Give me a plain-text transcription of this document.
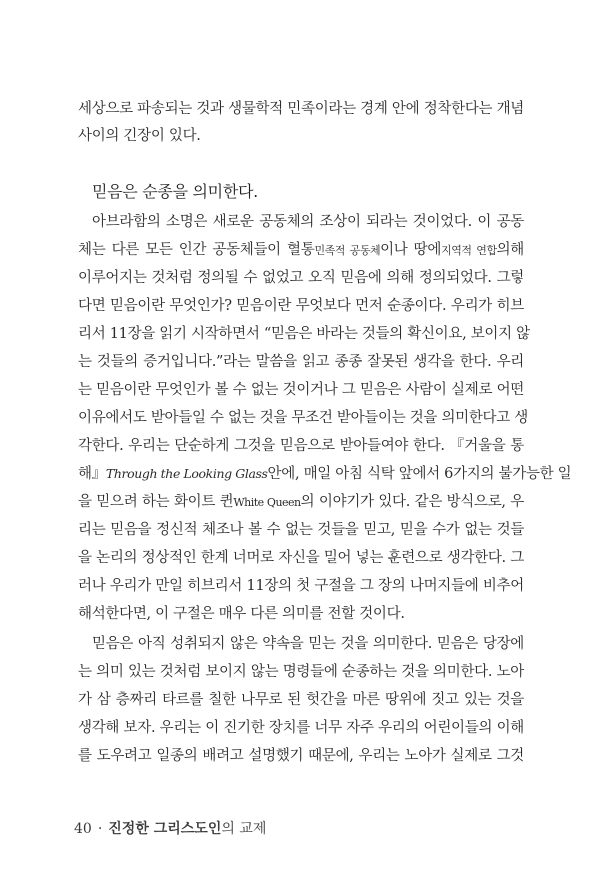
세상으로 파송되는 것과 생물학적 민족이라는 경계 안에 정착한다는 개념
사이의 긴장이 있다.
믿음은 순종을 의미한다.
아브라함의 소명은 새로운 공동체의 조상이 되라는 것이었다. 이 공동
체는 다른 모든 인간 공동체들이 혈통민족적 공동체이나 땅에지역적 연합의해
이루어지는 것처럼 정의될 수 없었고 오직 믿음에 의해 정의되었다. 그렇
다면 믿음이란 무엇인가? 믿음이란 무엇보다 먼저 순종이다. 우리가 히브
리서 11장을 읽기 시작하면서 “믿음은 바라는 것들의 확신이요, 보이지 않
는 것들의 증거입니다.”라는 말씀을 읽고 종종 잘못된 생각을 한다. 우리
는 믿음이란 무엇인가 볼 수 없는 것이거나 그 믿음은 사람이 실제로 어떤
이유에서도 받아들일 수 없는 것을 무조건 받아들이는 것을 의미한다고 생
각한다. 우리는 단순하게 그것을 믿음으로 받아들여야 한다. 『거울을 통
해』Through the Looking Glass안에, 매일 아침 식탁 앞에서 6가지의 불가능한 일
을 믿으려 하는 화이트 퀸White Queen의 이야기가 있다. 같은 방식으로, 우
리는 믿음을 정신적 체조나 볼 수 없는 것들을 믿고, 믿을 수가 없는 것들
을 논리의 정상적인 한계 너머로 자신을 밀어 넣는 훈련으로 생각한다. 그
러나 우리가 만일 히브리서 11장의 첫 구절을 그 장의 나머지들에 비추어
해석한다면, 이 구절은 매우 다른 의미를 전할 것이다.
믿음은 아직 성취되지 않은 약속을 믿는 것을 의미한다. 믿음은 당장에
는 의미 있는 것처럼 보이지 않는 명령들에 순종하는 것을 의미한다. 노아
가 삼 층짜리 타르를 칠한 나무로 된 헛간을 마른 땅위에 짓고 있는 것을
생각해 보자. 우리는 이 진기한 장치를 너무 자주 우리의 어린이들의 이해
를 도우려고 일종의 배려고 설명했기 때문에, 우리는 노아가 실제로 그것
40 · 진정한 그리스도인의 교제
